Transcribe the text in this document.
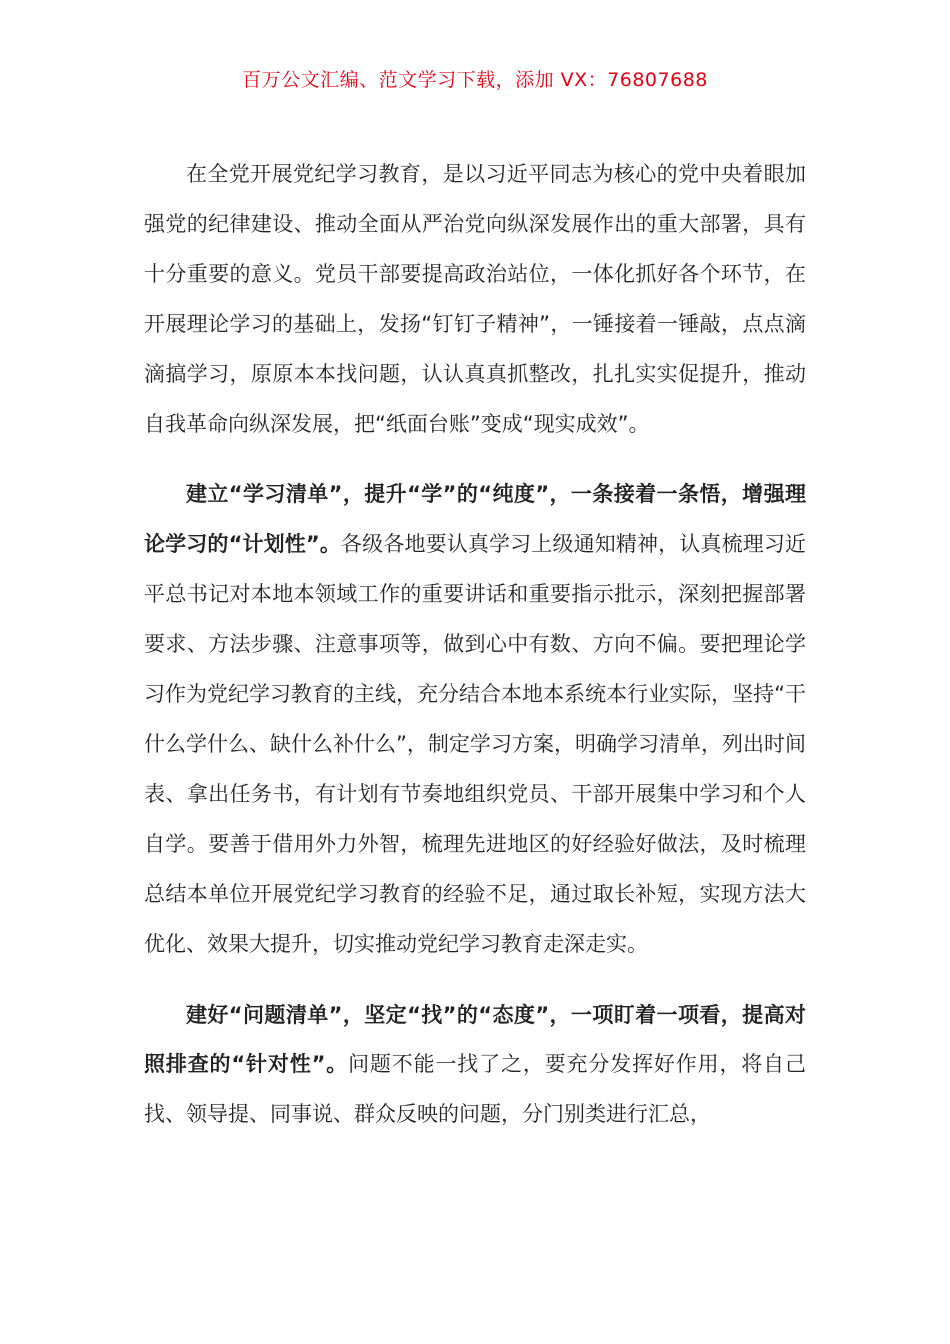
百万公文汇编、范文学习下载，添加 VX：76807688

在全党开展党纪学习教育，是以习近平同志为核心的党中央着眼加强党的纪律建设、推动全面从严治党向纵深发展作出的重大部署，具有十分重要的意义。党员干部要提高政治站位，一体化抓好各个环节，在开展理论学习的基础上，发扬“钉钉子精神”，一锤接着一锤敲，点点滴滴搞学习，原原本本找问题，认认真真抓整改，扎扎实实促提升，推动自我革命向纵深发展，把“纸面台账”变成“现实成效”。

建立“学习清单”，提升“学”的“纯度”，一条接着一条悟，增强理论学习的“计划性”。各级各地要认真学习上级通知精神，认真梳理习近平总书记对本地本领域工作的重要讲话和重要指示批示，深刻把握部署要求、方法步骤、注意事项等，做到心中有数、方向不偏。要把理论学习作为党纪学习教育的主线，充分结合本地本系统本行业实际，坚持“干什么学什么、缺什么补什么”，制定学习方案，明确学习清单，列出时间表、拿出任务书，有计划有节奏地组织党员、干部开展集中学习和个人自学。要善于借用外力外智，梳理先进地区的好经验好做法，及时梳理总结本单位开展党纪学习教育的经验不足，通过取长补短，实现方法大优化、效果大提升，切实推动党纪学习教育走深走实。

建好“问题清单”，坚定“找”的“态度”，一项盯着一项看，提高对照排查的“针对性”。问题不能一找了之，要充分发挥好作用，将自己找、领导提、同事说、群众反映的问题，分门别类进行汇总，
